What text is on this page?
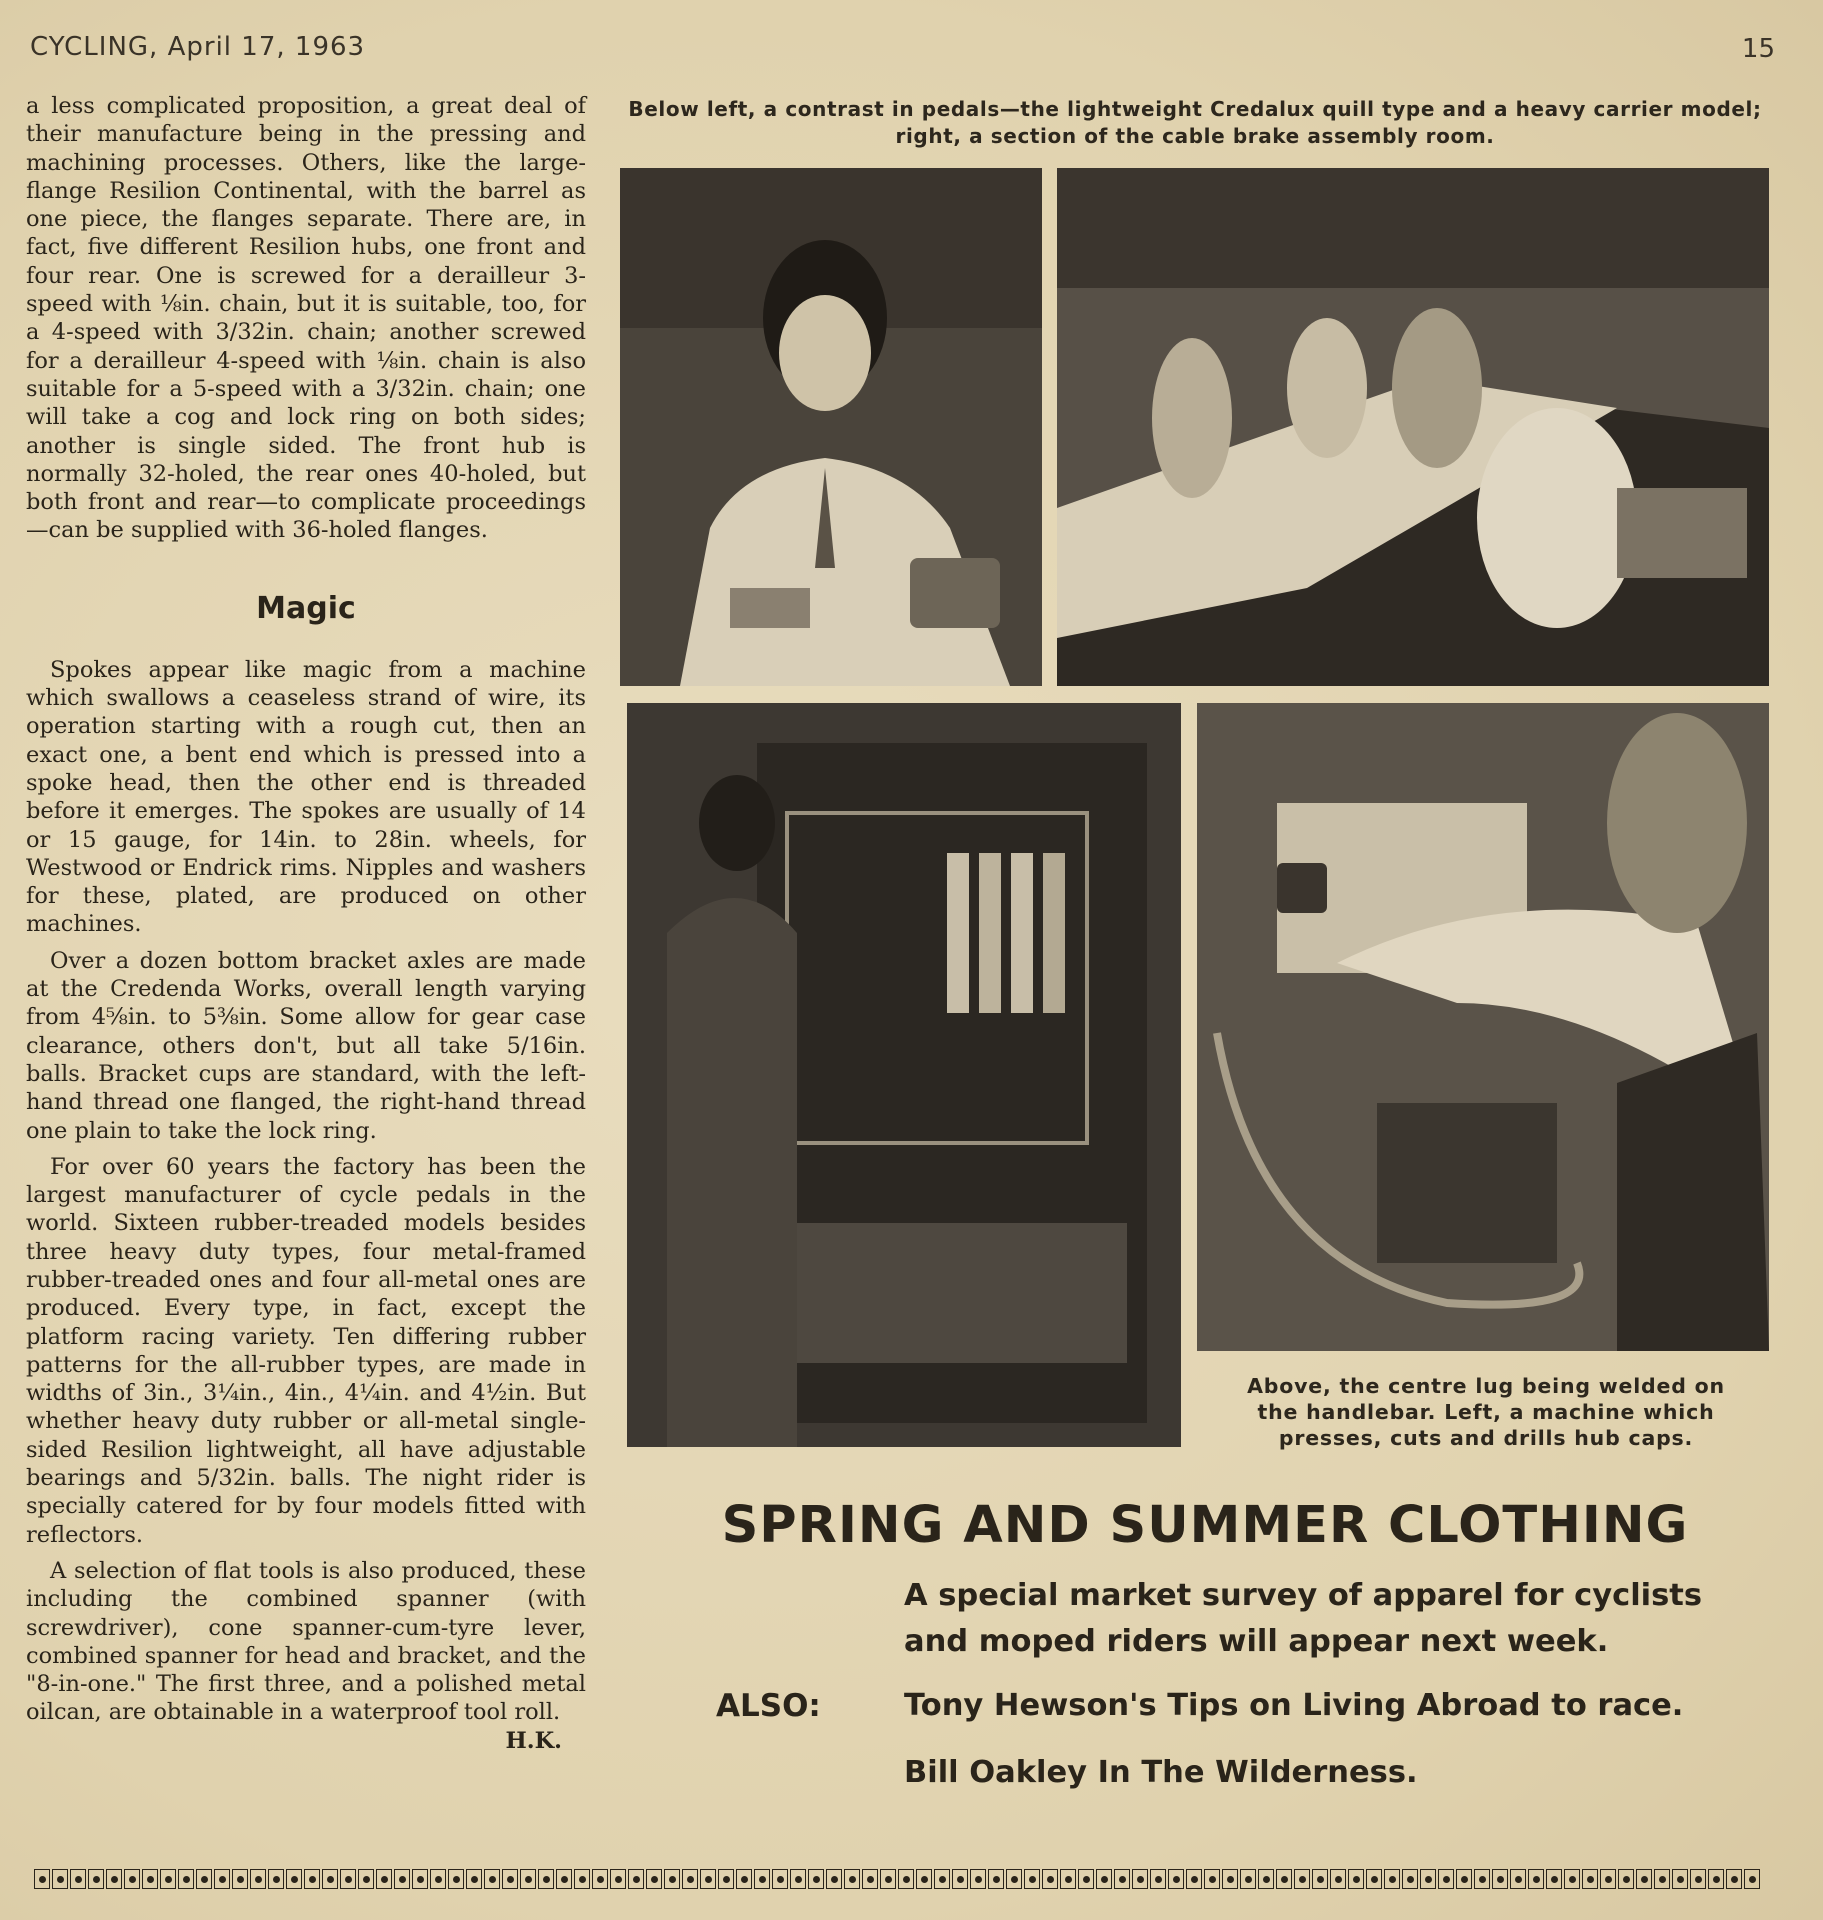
CYCLING, April 17, 1963	15

a less complicated proposition, a great deal of their manufacture being in the pressing and machining processes. Others, like the large-flange Resilion Continental, with the barrel as one piece, the flanges separate. There are, in fact, five different Resilion hubs, one front and four rear. One is screwed for a derailleur 3-speed with ⅛in. chain, but it is suitable, too, for a 4-speed with 3/32in. chain; another screwed for a derailleur 4-speed with ⅛in. chain is also suitable for a 5-speed with a 3/32in. chain; one will take a cog and lock ring on both sides; another is single sided. The front hub is normally 32-holed, the rear ones 40-holed, but both front and rear—to complicate proceedings—can be supplied with 36-holed flanges.

Magic

Spokes appear like magic from a machine which swallows a ceaseless strand of wire, its operation starting with a rough cut, then an exact one, a bent end which is pressed into a spoke head, then the other end is threaded before it emerges. The spokes are usually of 14 or 15 gauge, for 14in. to 28in. wheels, for Westwood or Endrick rims. Nipples and washers for these, plated, are produced on other machines.

Over a dozen bottom bracket axles are made at the Credenda Works, overall length varying from 4⅝in. to 5⅜in. Some allow for gear case clearance, others don't, but all take 5/16in. balls. Bracket cups are standard, with the left-hand thread one flanged, the right-hand thread one plain to take the lock ring.

For over 60 years the factory has been the largest manufacturer of cycle pedals in the world. Sixteen rubber-treaded models besides three heavy duty types, four metal-framed rubber-treaded ones and four all-metal ones are produced. Every type, in fact, except the platform racing variety. Ten differing rubber patterns for the all-rubber types, are made in widths of 3in., 3¼in., 4in., 4¼in. and 4½in. But whether heavy duty rubber or all-metal single-sided Resilion lightweight, all have adjustable bearings and 5/32in. balls. The night rider is specially catered for by four models fitted with reflectors.

A selection of flat tools is also produced, these including the combined spanner (with screwdriver), cone spanner-cum-tyre lever, combined spanner for head and bracket, and the "8-in-one." The first three, and a polished metal oilcan, are obtainable in a waterproof tool roll.
H.K.

Below left, a contrast in pedals—the lightweight Credalux quill type and a heavy carrier model; right, a section of the cable brake assembly room.
Above, the centre lug being welded on the handlebar. Left, a machine which presses, cuts and drills hub caps.
SPRING AND SUMMER CLOTHING
A special market survey of apparel for cyclists and moped riders will appear next week.
ALSO:	Tony Hewson's Tips on Living Abroad to race.
Bill Oakley In The Wilderness.
